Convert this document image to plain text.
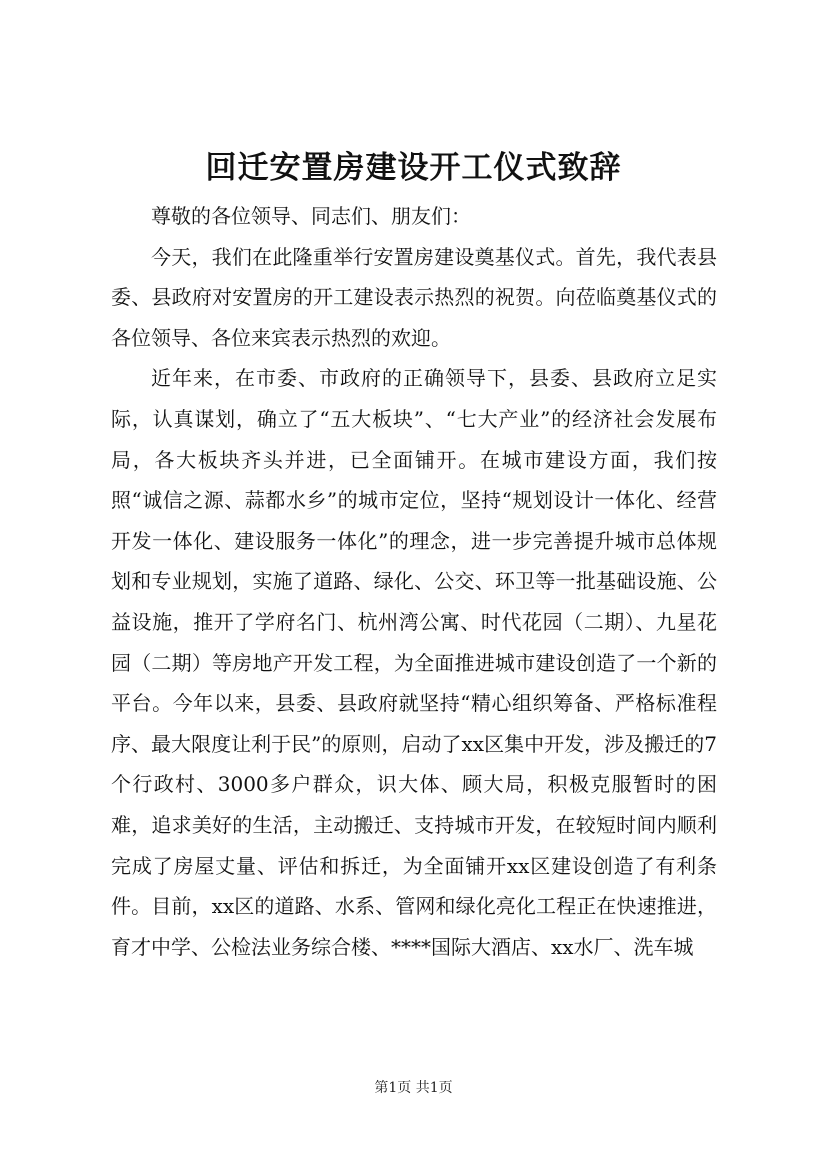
回迁安置房建设开工仪式致辞

尊敬的各位领导、同志们、朋友们：

今天，我们在此隆重举行安置房建设奠基仪式。首先，我代表县委、县政府对安置房的开工建设表示热烈的祝贺。向莅临奠基仪式的各位领导、各位来宾表示热烈的欢迎。

近年来，在市委、市政府的正确领导下，县委、县政府立足实际，认真谋划，确立了“五大板块”、“七大产业”的经济社会发展布局，各大板块齐头并进，已全面铺开。在城市建设方面，我们按照“诚信之源、蒜都水乡”的城市定位，坚持“规划设计一体化、经营开发一体化、建设服务一体化”的理念，进一步完善提升城市总体规划和专业规划，实施了道路、绿化、公交、环卫等一批基础设施、公益设施，推开了学府名门、杭州湾公寓、时代花园（二期）、九星花园（二期）等房地产开发工程，为全面推进城市建设创造了一个新的平台。今年以来，县委、县政府就坚持“精心组织筹备、严格标准程序、最大限度让利于民”的原则，启动了xx区集中开发，涉及搬迁的7个行政村、3000多户群众，识大体、顾大局，积极克服暂时的困难，追求美好的生活，主动搬迁、支持城市开发，在较短时间内顺利完成了房屋丈量、评估和拆迁，为全面铺开xx区建设创造了有利条件。目前，xx区的道路、水系、管网和绿化亮化工程正在快速推进，育才中学、公检法业务综合楼、****国际大酒店、xx水厂、洗车城

第1页 共1页
